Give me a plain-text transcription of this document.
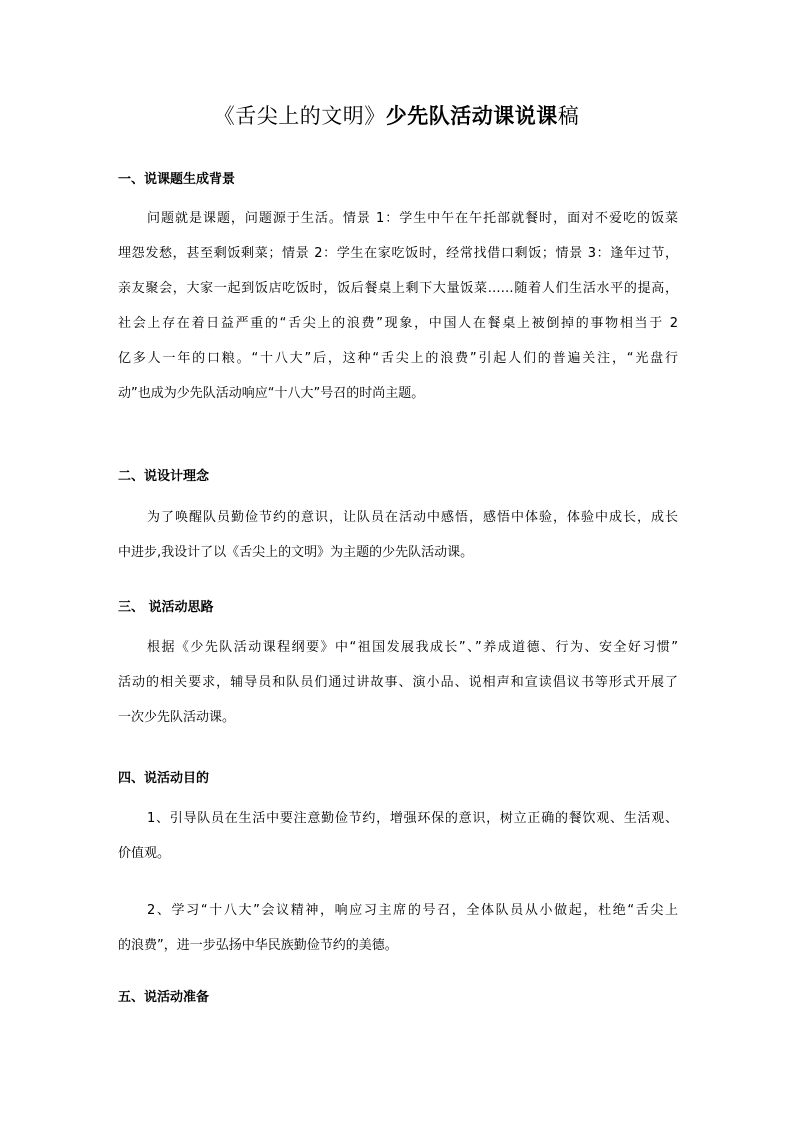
《舌尖上的文明》少先队活动课说课稿
一、说课题生成背景
问题就是课题，问题源于生活。情景 1：学生中午在午托部就餐时，面对不爱吃的饭菜
埋怨发愁，甚至剩饭剩菜；情景 2：学生在家吃饭时，经常找借口剩饭；情景 3：逢年过节，
亲友聚会，大家一起到饭店吃饭时，饭后餐桌上剩下大量饭菜……随着人们生活水平的提高，
社会上存在着日益严重的“舌尖上的浪费”现象，中国人在餐桌上被倒掉的事物相当于 2
亿多人一年的口粮。“十八大”后，这种“舌尖上的浪费”引起人们的普遍关注，“光盘行
动”也成为少先队活动响应“十八大”号召的时尚主题。
二、说设计理念
为了唤醒队员勤俭节约的意识，让队员在活动中感悟，感悟中体验，体验中成长，成长
中进步,我设计了以《舌尖上的文明》为主题的少先队活动课。
三、 说活动思路
根据《少先队活动课程纲要》中“祖国发展我成长”、”养成道德、行为、安全好习惯”
活动的相关要求，辅导员和队员们通过讲故事、演小品、说相声和宣读倡议书等形式开展了
一次少先队活动课。
四、说活动目的
1、引导队员在生活中要注意勤俭节约，增强环保的意识，树立正确的餐饮观、生活观、
价值观。
2、学习“十八大”会议精神，响应习主席的号召，全体队员从小做起，杜绝“舌尖上
的浪费”，进一步弘扬中华民族勤俭节约的美德。
五、说活动准备
